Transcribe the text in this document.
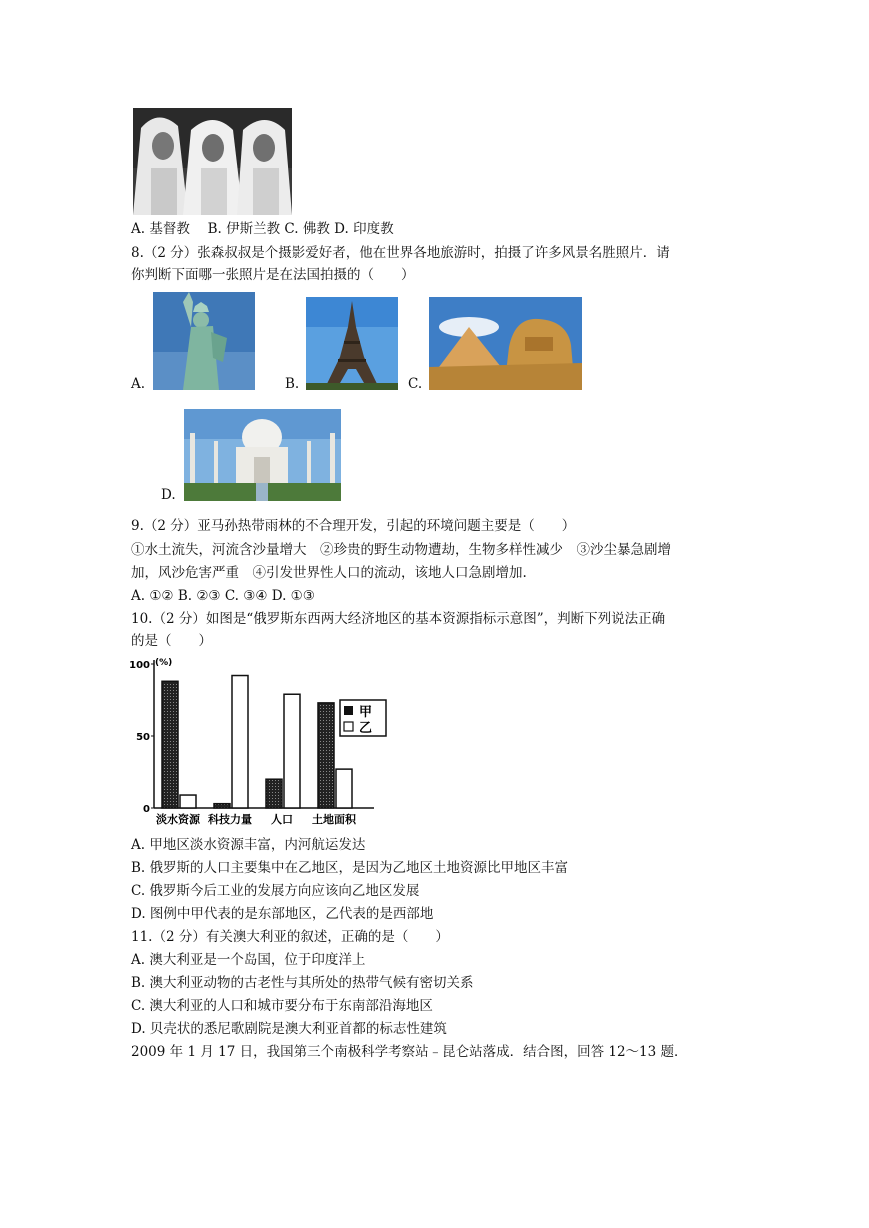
A. 基督教　 B. 伊斯兰教 C. 佛教 D. 印度教
8.（2 分）张森叔叔是个摄影爱好者，他在世界各地旅游时，拍摄了许多风景名胜照片．请
你判断下面哪一张照片是在法国拍摄的（　　）
A.	B.	C.
D.
9.（2 分）亚马孙热带雨林的不合理开发，引起的环境问题主要是（　　）
①水土流失，河流含沙量增大　②珍贵的野生动物遭劫，生物多样性减少　③沙尘暴急剧增
加，风沙危害严重　④引发世界性人口的流动，该地人口急剧增加.
A. ①② B. ②③ C. ③④ D. ①③
10.（2 分）如图是“俄罗斯东西两大经济地区的基本资源指标示意图”，判断下列说法正确
的是（　　）
100
50
0
(%)
淡水资源 科技力量 人口 土地面积
甲
乙
A. 甲地区淡水资源丰富，内河航运发达
B. 俄罗斯的人口主要集中在乙地区，是因为乙地区土地资源比甲地区丰富
C. 俄罗斯今后工业的发展方向应该向乙地区发展
D. 图例中甲代表的是东部地区，乙代表的是西部地
11.（2 分）有关澳大利亚的叙述，正确的是（　　）
A. 澳大利亚是一个岛国，位于印度洋上
B. 澳大利亚动物的古老性与其所处的热带气候有密切关系
C. 澳大利亚的人口和城市要分布于东南部沿海地区
D. 贝壳状的悉尼歌剧院是澳大利亚首都的标志性建筑
2009 年 1 月 17 日，我国第三个南极科学考察站﹣昆仑站落成．结合图，回答 12～13 题．
